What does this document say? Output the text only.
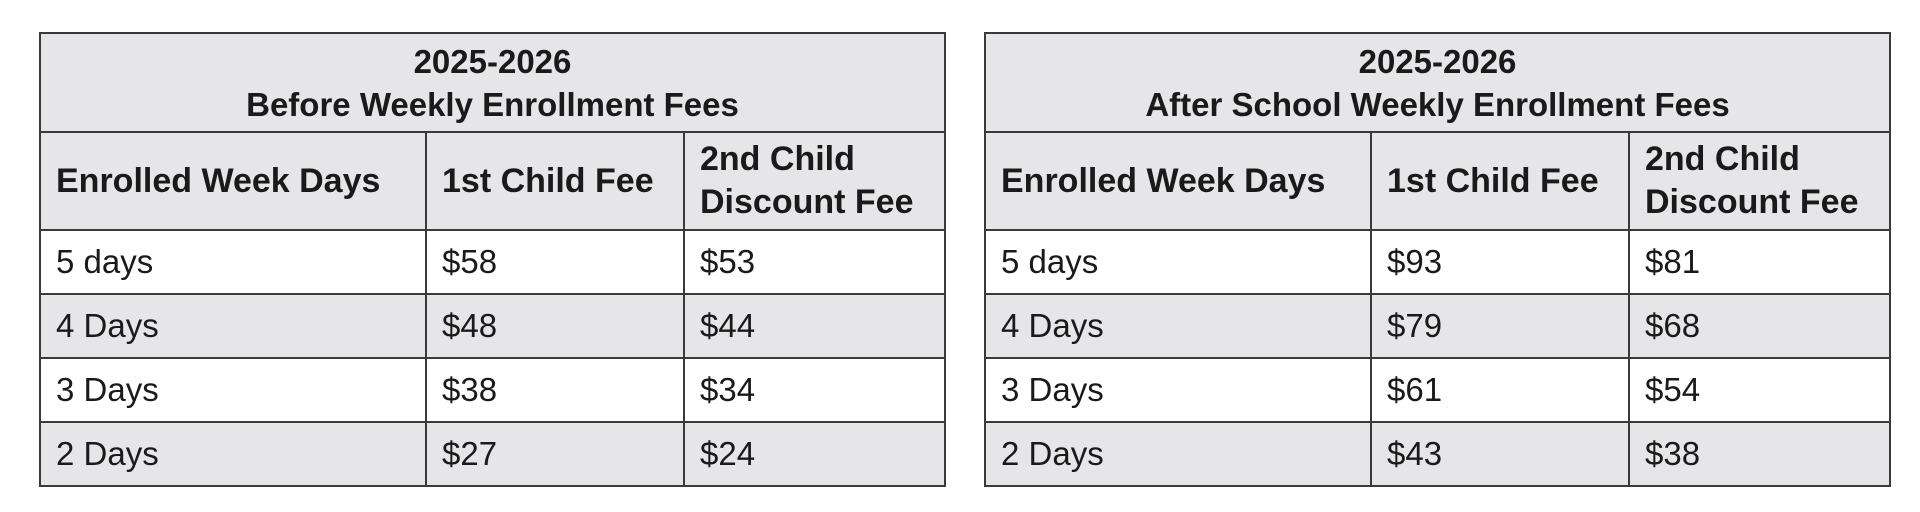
2025-2026
Before Weekly Enrollment Fees		

Enrolled Week Days	1st Child Fee	2nd Child Discount Fee
5 days	$58	$53
4 Days	$48	$44
3 Days	$38	$34
2 Days	$27	$24
2025-2026
After School Weekly Enrollment Fees		

Enrolled Week Days	1st Child Fee	2nd Child Discount Fee
5 days	$93	$81
4 Days	$79	$68
3 Days	$61	$54
2 Days	$43	$38
